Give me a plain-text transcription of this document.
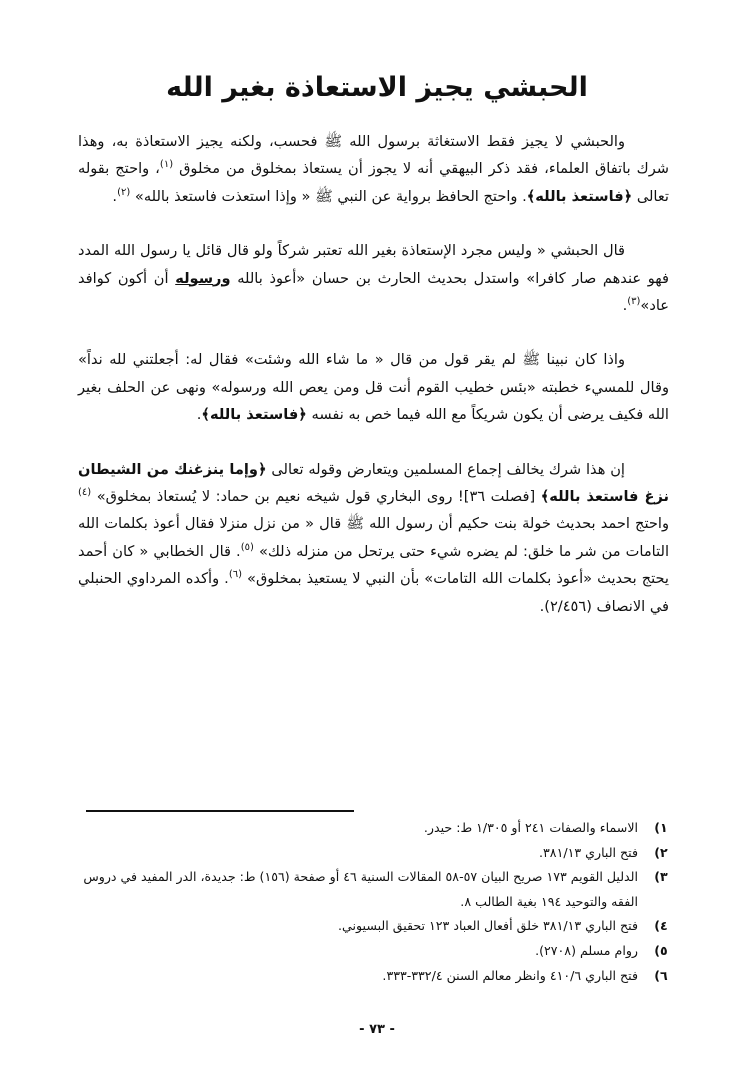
الحبشي يجيز الاستعاذة بغير الله

والحبشي لا يجيز فقط الاستغاثة برسول الله ﷺ فحسب، ولكنه يجيز الاستعاذة به، وهذا شرك باتفاق العلماء، فقد ذكر البيهقي أنه لا يجوز أن يستعاذ بمخلوق من مخلوق $^{(١)}$، واحتج بقوله تعالى ﴿فاستعذ بالله﴾. واحتج الحافظ برواية عن النبي ﷺ « وإذا استعذت فاستعذ بالله» $^{(٢)}$.

قال الحبشي « وليس مجرد الإستعاذة بغير الله تعتبر شركاً ولو قال قائل يا رسول الله المدد فهو عندهم صار كافرا» واستدل بحديث الحارث بن حسان «أعوذ بالله ورسوله أن أكون كوافد عاد»$^{(٣)}$.

واذا كان نبينا ﷺ لم يقر قول من قال « ما شاء الله وشئت» فقال له: أجعلتني لله نداً» وقال للمسيء خطبته «بئس خطيب القوم أنت قل ومن يعص الله ورسوله» ونهى عن الحلف بغير الله فكيف يرضى أن يكون شريكاً مع الله فيما خص به نفسه ﴿فاستعذ بالله﴾.

إن هذا شرك يخالف إجماع المسلمين ويتعارض وقوله تعالى ﴿وإما ينزغنك من الشيطان نزغ فاستعذ بالله﴾ [فصلت ٣٦]! روى البخاري قول شيخه نعيم بن حماد: لا يُستعاذ بمخلوق» $^{(٤)}$ واحتج احمد بحديث خولة بنت حكيم أن رسول الله ﷺ قال « من نزل منزلا فقال أعوذ بكلمات الله التامات من شر ما خلق: لم يضره شيء حتى يرتحل من منزله ذلك» $^{(٥)}$. قال الخطابي « كان أحمد يحتج بحديث «أعوذ بكلمات الله التامات» بأن النبي لا يستعيذ بمخلوق» $^{(٦)}$. وأكده المرداوي الحنبلي في الانصاف (٢/٤٥٦).

١)
الاسماء والصفات ٢٤١ أو ١/٣٠٥ ط: حيدر.
٢)
فتح الباري ٣٨١/١٣.
٣)
الدليل القويم ١٧٣ صريح البيان ٥٧-٥٨ المقالات السنية ٤٦ أو صفحة (١٥٦) ط: جديدة، الدر المفيد في دروس الفقه والتوحيد ١٩٤ بغية الطالب ٨.
٤)
فتح الباري ٣٨١/١٣ خلق أفعال العباد ١٢٣ تحقيق البسيوني.
٥)
روام مسلم (٢٧٠٨).
٦)
فتح الباري ٤١٠/٦ وانظر معالم السنن ٣٣٢/٤-٣٣٣.
- ٧٣ -
